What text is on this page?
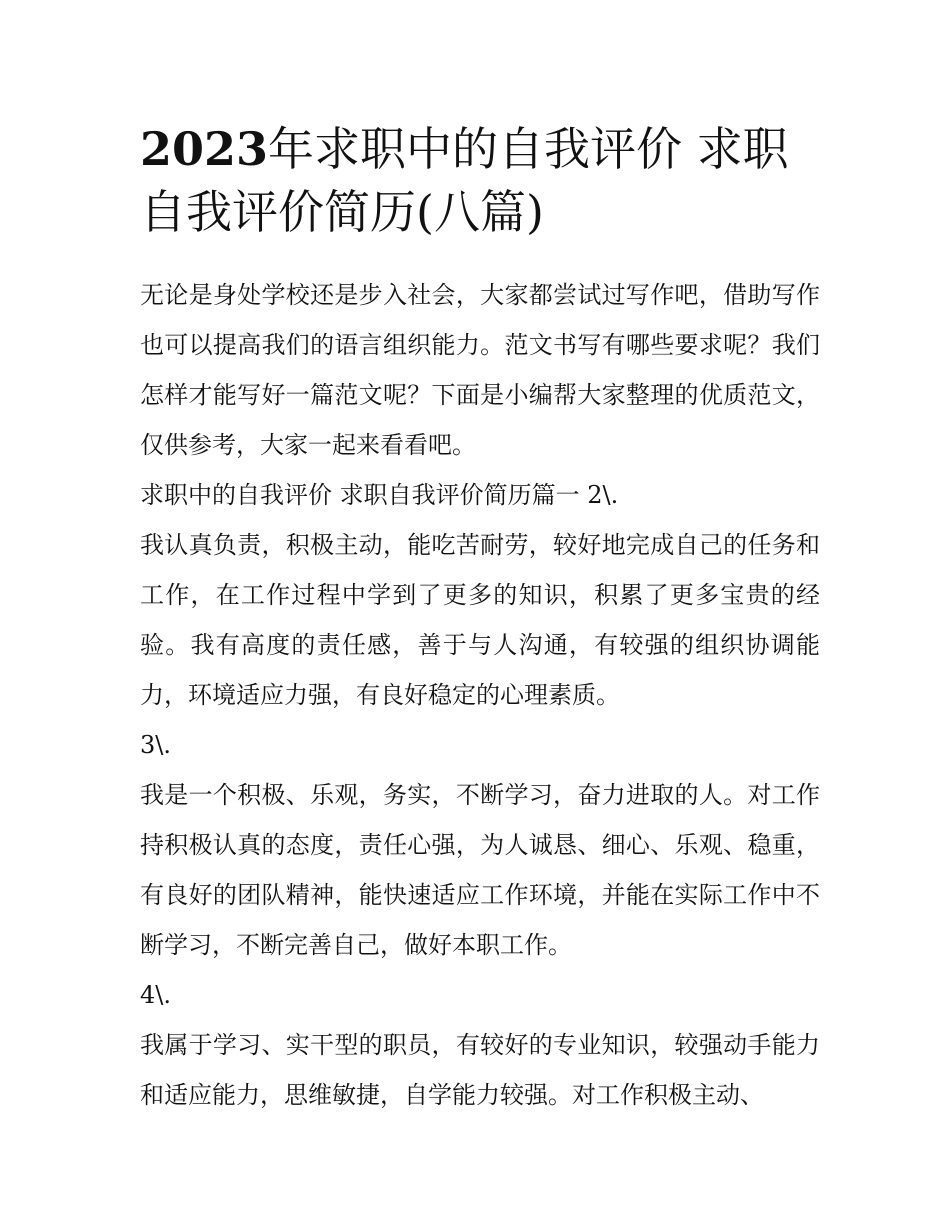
2023年求职中的自我评价 求职自我评价简历(八篇)

无论是身处学校还是步入社会，大家都尝试过写作吧，借助写作也可以提高我们的语言组织能力。范文书写有哪些要求呢？我们怎样才能写好一篇范文呢？下面是小编帮大家整理的优质范文，仅供参考，大家一起来看看吧。

求职中的自我评价 求职自我评价简历篇一 2\.

我认真负责，积极主动，能吃苦耐劳，较好地完成自己的任务和工作，在工作过程中学到了更多的知识，积累了更多宝贵的经验。我有高度的责任感，善于与人沟通，有较强的组织协调能力，环境适应力强，有良好稳定的心理素质。

3\.

我是一个积极、乐观，务实，不断学习，奋力进取的人。对工作持积极认真的态度，责任心强，为人诚恳、细心、乐观、稳重，有良好的团队精神，能快速适应工作环境，并能在实际工作中不断学习，不断完善自己，做好本职工作。

4\.

我属于学习、实干型的职员，有较好的专业知识，较强动手能力和适应能力，思维敏捷，自学能力较强。对工作积极主动、
